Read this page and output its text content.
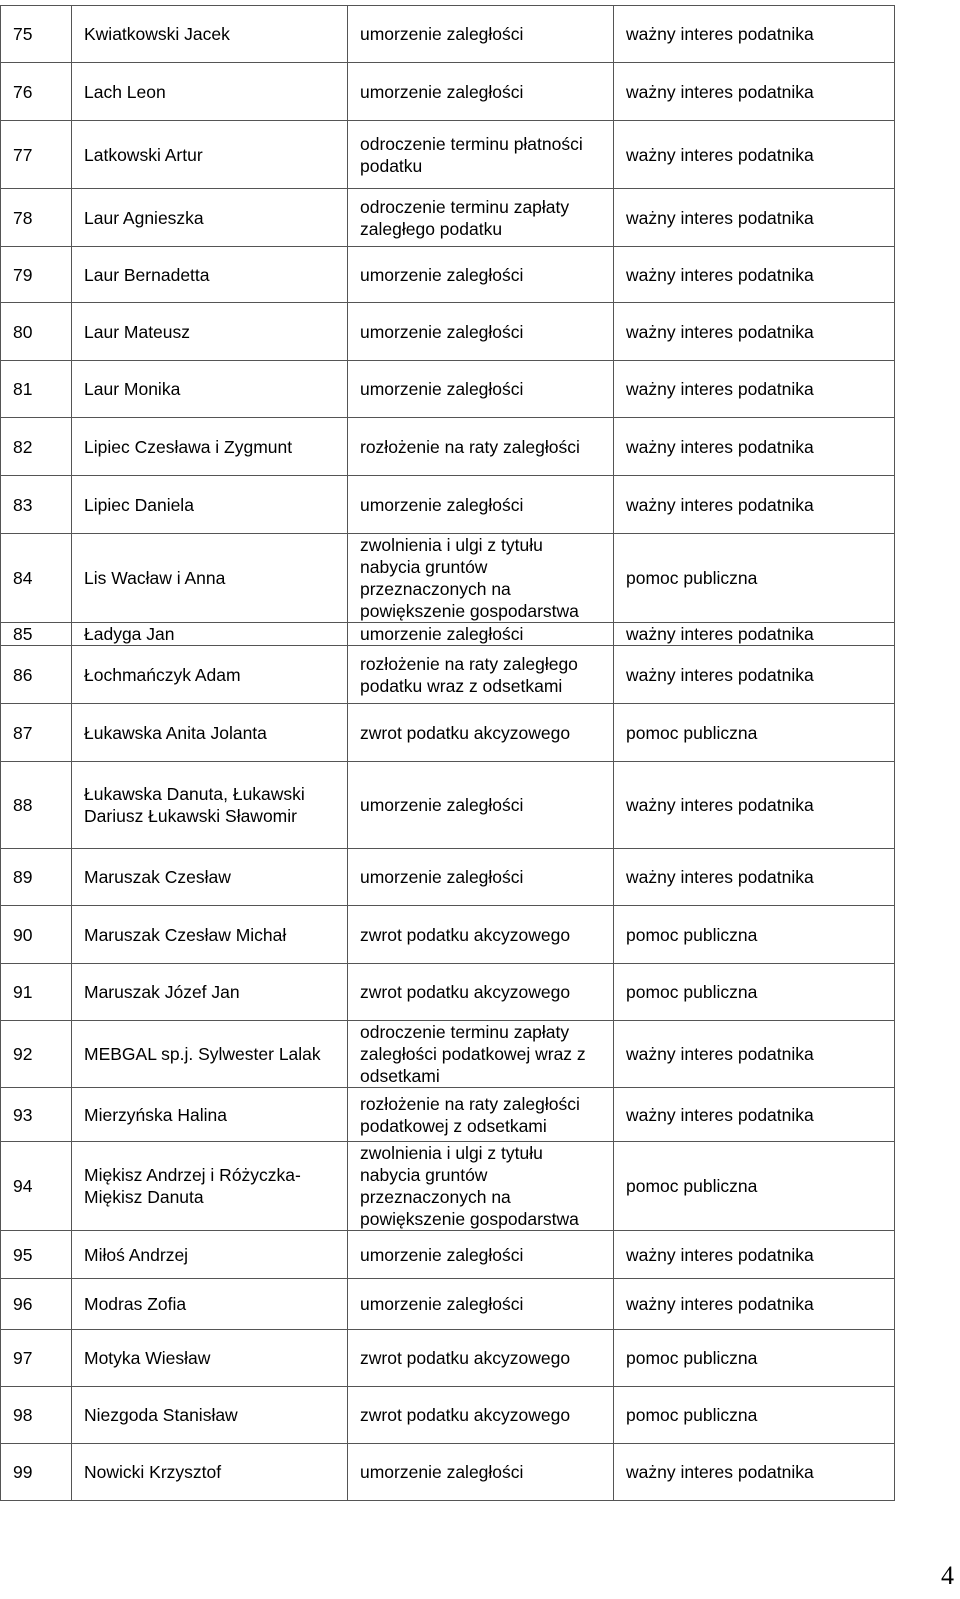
75	Kwiatkowski Jacek	umorzenie zaległości	ważny interes podatnika
76	Lach Leon	umorzenie zaległości	ważny interes podatnika
77	Latkowski Artur	odroczenie terminu płatności podatku	ważny interes podatnika
78	Laur Agnieszka	odroczenie terminu zapłaty zaległego podatku	ważny interes podatnika
79	Laur Bernadetta	umorzenie zaległości	ważny interes podatnika
80	Laur Mateusz	umorzenie zaległości	ważny interes podatnika
81	Laur Monika	umorzenie zaległości	ważny interes podatnika
82	Lipiec Czesława i Zygmunt	rozłożenie na raty zaległości	ważny interes podatnika
83	Lipiec Daniela	umorzenie zaległości	ważny interes podatnika
84	Lis Wacław i Anna	zwolnienia i ulgi z tytułu nabycia gruntów przeznaczonych na powiększenie gospodarstwa	pomoc publiczna
85	Ładyga Jan	umorzenie zaległości	ważny interes podatnika
86	Łochmańczyk Adam	rozłożenie na raty zaległego podatku wraz z odsetkami	ważny interes podatnika
87	Łukawska Anita Jolanta	zwrot podatku akcyzowego	pomoc publiczna
88	Łukawska Danuta, Łukawski Dariusz Łukawski Sławomir	umorzenie zaległości	ważny interes podatnika
89	Maruszak Czesław	umorzenie zaległości	ważny interes podatnika
90	Maruszak Czesław Michał	zwrot podatku akcyzowego	pomoc publiczna
91	Maruszak Józef Jan	zwrot podatku akcyzowego	pomoc publiczna
92	MEBGAL sp.j. Sylwester Lalak	odroczenie terminu zapłaty zaległości podatkowej wraz z odsetkami	ważny interes podatnika
93	Mierzyńska Halina	rozłożenie na raty zaległości podatkowej z odsetkami	ważny interes podatnika
94	Miękisz Andrzej i Różyczka-Miękisz Danuta	zwolnienia i ulgi z tytułu nabycia gruntów przeznaczonych na powiększenie gospodarstwa	pomoc publiczna
95	Miłoś Andrzej	umorzenie zaległości	ważny interes podatnika
96	Modras Zofia	umorzenie zaległości	ważny interes podatnika
97	Motyka Wiesław	zwrot podatku akcyzowego	pomoc publiczna
98	Niezgoda Stanisław	zwrot podatku akcyzowego	pomoc publiczna
99	Nowicki Krzysztof	umorzenie zaległości	ważny interes podatnika
4
